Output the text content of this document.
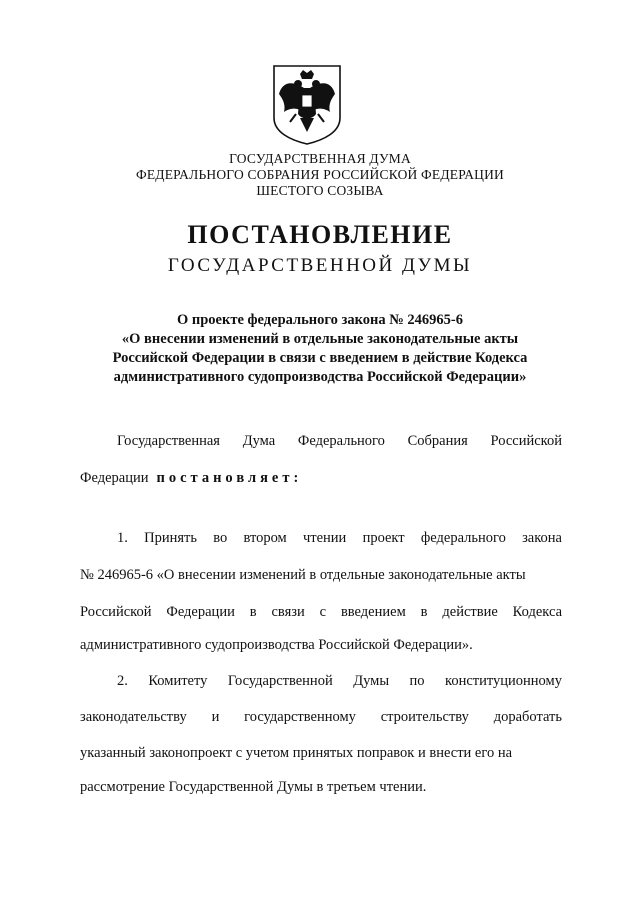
ГОСУДАРСТВЕННАЯ ДУМА
ФЕДЕРАЛЬНОГО СОБРАНИЯ РОССИЙСКОЙ ФЕДЕРАЦИИ
ШЕСТОГО СОЗЫВА
ПОСТАНОВЛЕНИЕ
ГОСУДАРСТВЕННОЙ ДУМЫ
О проекте федерального закона № 246965-6
«О внесении изменений в отдельные законодательные акты
Российской Федерации в связи с введением в действие Кодекса
административного судопроизводства Российской Федерации»
Государственная Дума Федерального Собрания Российской
Федерации постановляет:
1. Принять во втором чтении проект федерального закона
№ 246965-6 «О внесении изменений в отдельные законодательные акты
Российской Федерации в связи с введением в действие Кодекса
административного судопроизводства Российской Федерации».
2. Комитету Государственной Думы по конституционному
законодательству и государственному строительству доработать
указанный законопроект с учетом принятых поправок и внести его на
рассмотрение Государственной Думы в третьем чтении.
